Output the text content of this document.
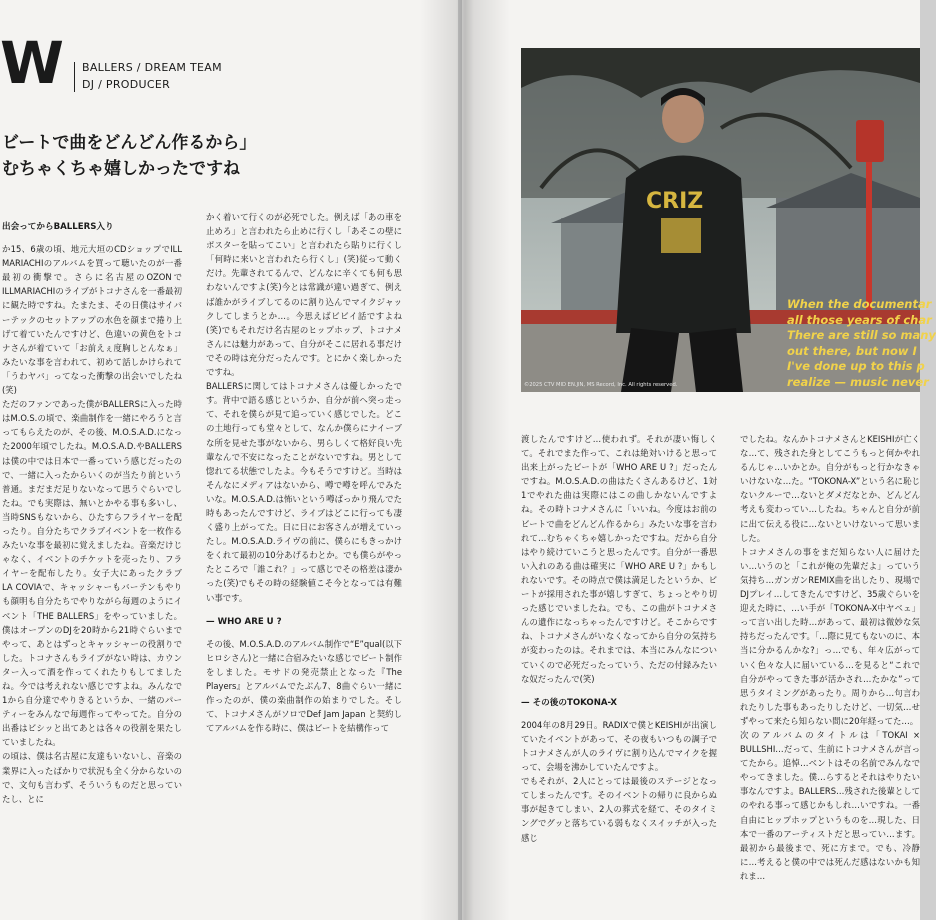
W BALLERS / DREAM TEAM
DJ / PRODUCER
ビートで曲をどんどん作るから」
むちゃくちゃ嬉しかったですね

出会ってからBALLERS入り

か15、6歳の頃、地元大垣のCDショップでILL MARIACHIのアルバムを買って聴いたのが一番最初の衝撃で。さらに名古屋のOZONでILLMARIACHIのライブがトコナさんを一番最初に観た時ですね。たまたま、その日僕はサイバーテックのセットアップの水色を顔まで捲り上げて着ていたんですけど、色違いの黄色をトコナさんが着ていて「お前えぇ度胸しとんなぁ」みたいな事を言われて、初めて話しかけられて「うわヤバ」ってなった衝撃の出会いでしたね(笑)

ただのファンであった僕がBALLERSに入った時はM.O.S.の頃で、楽曲制作を一緒にやろうと言ってもらえたのが、その後、M.O.S.A.D.になった2000年頃でしたね。M.O.S.A.D.やBALLERSは僕の中では日本で一番っていう感じだったので、一緒に入ったからいくのが当たり前という普通。まだまだ足りないなって思うぐらいでしたね。でも実際は、無いとかやる事も多いし、当時SNSもないから、ひたすらフライヤーを配ったり。自分たちでクラブイベントを一枚作るみたいな事を最初に覚えましたね。音楽だけじゃなく、イベントのチケットを売ったり、フライヤーを配布したり。女子大にあったクラブ LA COVIAで、キャッシャーもバーテンもやりも顔明も自分たちでやりながら毎週のようにイベント「THE BALLERS」をやっていました。僕はオープンのDJを20時から21時ぐらいまでやって、あとはずっとキャッシャーの役割りでした。トコナさんもライブがない時は、カウンター入って酒を作ってくれたりもしてましたね。今では考えれない感じですよね。みんなで1から自分達でやりきるというか、一緒のパーティーをみんなで毎週作ってやってた。自分の出番はビシッと出てあとは各々の役割を果たしていましたね。

の頃は、僕は名古屋に友達もいないし、音楽の業界に入ったばかりで状況も全く分からないので、文句も言わず、そういうものだと思っていたし、とに

かく着いて行くのが必死でした。例えば「あの車を止めろ」と言われたら止めに行くし「あそこの壁にポスターを貼ってこい」と言われたら貼りに行くし「何時に来いと言われたら行くし」(笑)従って動くだけ。先輩されてるんで、どんなに辛くても何も思わないんですよ(笑)今とは常識が違い過ぎて、例えば誰かがライブしてるのに割り込んでマイクジャックしてしまうとか…。今思えばビビイ話ですよね(笑)でもそれだけ名古屋のヒップホップ、トコナメさんには魅力があって、自分がそこに居れる事だけでその時は充分だったんです。とにかく楽しかったですね。

BALLERSに関してはトコナメさんは優しかったです。背中で語る感じというか、自分が前へ突っ走って、それを僕らが見て追っていく感じでした。どこの土地行っても堂々として、なんか僕らにナイーブな所を見せた事がないから、男らしくて格好良い先輩なんで不安になったことがないですね。男として惚れてる状態でしたよ。今もそうですけど。当時はそんなにメディアはないから、噂で噂を呼んでみたいな。M.O.S.A.D.は怖いという噂ばっかり飛んでた時もあったんですけど、ライブはどこに行っても凄く盛り上がってた。日に日にお客さんが増えていったし。M.O.S.A.D.ライヴの前に、僕らにもきっかけをくれて最初の10分あげるわとか。でも僕らがやったところで「誰これ？」って感じでその格差は凄かった(笑)でもその時の経験値こそ今となっては有難い事です。

— WHO ARE U ?

その後、M.O.S.A.D.のアルバム制作で“E”qual(以下 ヒロシさん)と一緒に合宿みたいな感じでビート制作をしました。モサドの発売禁止となった『The Players』とアルバムでたぶん7、8曲ぐらい一緒に作ったのが、僕の楽曲制作の始まりでした。そして、トコナメさんがソロでDef Jam Japan と契約してアルバムを作る時に、僕はビートを結構作って

CRIZ
When the documentar
all those years of char
There are still so many
out there, but now I
I've done up to this p
realize — music never
©2025 CTV MID EN.JIN, MS Record, Inc. All rights reserved.

渡したんですけど…使われず。それが凄い悔しくて。それでまた作って、これは絶対いけると思って出来上がったビートが「WHO ARE U ?」だったんですね。M.O.S.A.D.の曲はたくさんあるけど、1対1でやれた曲は実際にはこの曲しかないんですよね。その時トコナメさんに「いいね。今度はお前のビートで曲をどんどん作るから」みたいな事を言われて…むちゃくちゃ嬉しかったですね。だから自分はやり続けていこうと思ったんです。自分が一番思い入れのある曲は確実に「WHO ARE U ?」かもしれないです。その時点で僕は満足したというか、ビートが採用された事が嬉しすぎて、ちょっとやり切った感じでいましたね。でも、この曲がトコナメさんの遺作になっちゃったんですけど。そこからですね、トコナメさんがいなくなってから自分の気持ちが変わったのは。それまでは、本当にみんなについていくので必死だったっていう、ただの付録みたいな奴だったんで(笑)

— その後のTOKONA-X

2004年の8月29日。RADIXで僕とKEISHIが出演していたイベントがあって、その夜もいつもの調子でトコナメさんが人のライヴに割り込んでマイクを握って、会場を沸かしていたんですよ。

でもそれが、2人にとっては最後のステージとなってしまったんです。そのイベントの帰りに良からぬ事が起きてしまい、2人の葬式を経て、そのタイミングでグッと落ちている弱もなくスイッチが入った感じ

でしたね。なんかトコナメさんとKEISHIが亡くな…て、残された身としてこうもっと何かやれるんじゃ…いかとか。自分がもっと行かなきゃいけないな…た。“TOKONA-X”という名に恥じないクルーで…ないとダメだなとか、どんどん考えも変わってい…したね。ちゃんと自分が前に出て伝える役に…ないといけないって思いました。

トコナメさんの事をまだ知らない人に届けたい…いうのと「これが俺の先輩だよ」っていう気持ち…ガンガンREMIX曲を出したり、現場でDJプレイ…してきたんですけど、35歳ぐらいを迎えた時に、…い手が「TOKONA-X中ヤベェ」って言い出した時…があって、最初は微妙な気持ちだったんです。「…際に見てもないのに、本当に分かるんかな?」っ…でも、年々広がっていく色々な人に届いている…を見ると“これで自分がやってきた事が活かされ…たかな”って思うタイミングがあったり。周りから…句言われたりした事もあったりしたけど、一切気…せずやって来たら知らない間に20年経ってた…。

次のアルバムのタイトルは「TOKAI × BULLSHI…だって、生前にトコナメさんが言ってたから。追悼…ベントはその名前でみんなでやってきました。僕…らするとそれはやりたい事なんですよ。BALLERS…残された後輩としてのやれる事って感じかもしれ…いですね。一番自由にヒップホップというものを…現した、日本で一番のアーティストだと思ってい…ます。最初から最後まで、死に方まで。でも、冷静に…考えると僕の中では死んだ感はないかも知れま…
